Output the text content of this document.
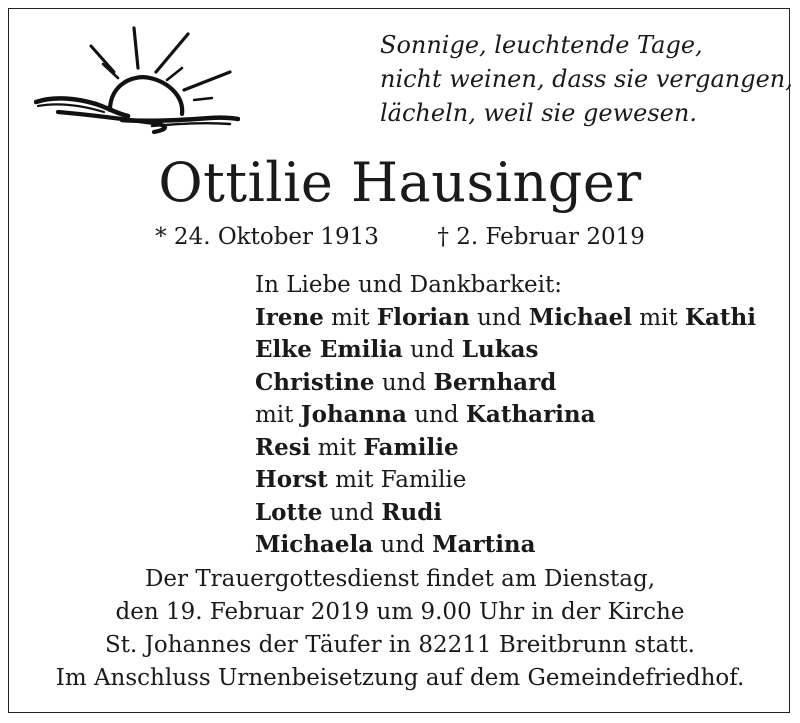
Sonnige, leuchtende Tage,
nicht weinen, dass sie vergangen,
lächeln, weil sie gewesen.
Ottilie Hausinger
* 24. Oktober 1913	† 2. Februar 2019
In Liebe und Dankbarkeit:
Irene mit Florian und Michael mit Kathi
Elke Emilia und Lukas
Christine und Bernhard
mit Johanna und Katharina
Resi mit Familie
Horst mit Familie
Lotte und Rudi
Michaela und Martina
Der Trauergottesdienst findet am Dienstag,
den 19. Februar 2019 um 9.00 Uhr in der Kirche
St. Johannes der Täufer in 82211 Breitbrunn statt.
Im Anschluss Urnenbeisetzung auf dem Gemeindefriedhof.
